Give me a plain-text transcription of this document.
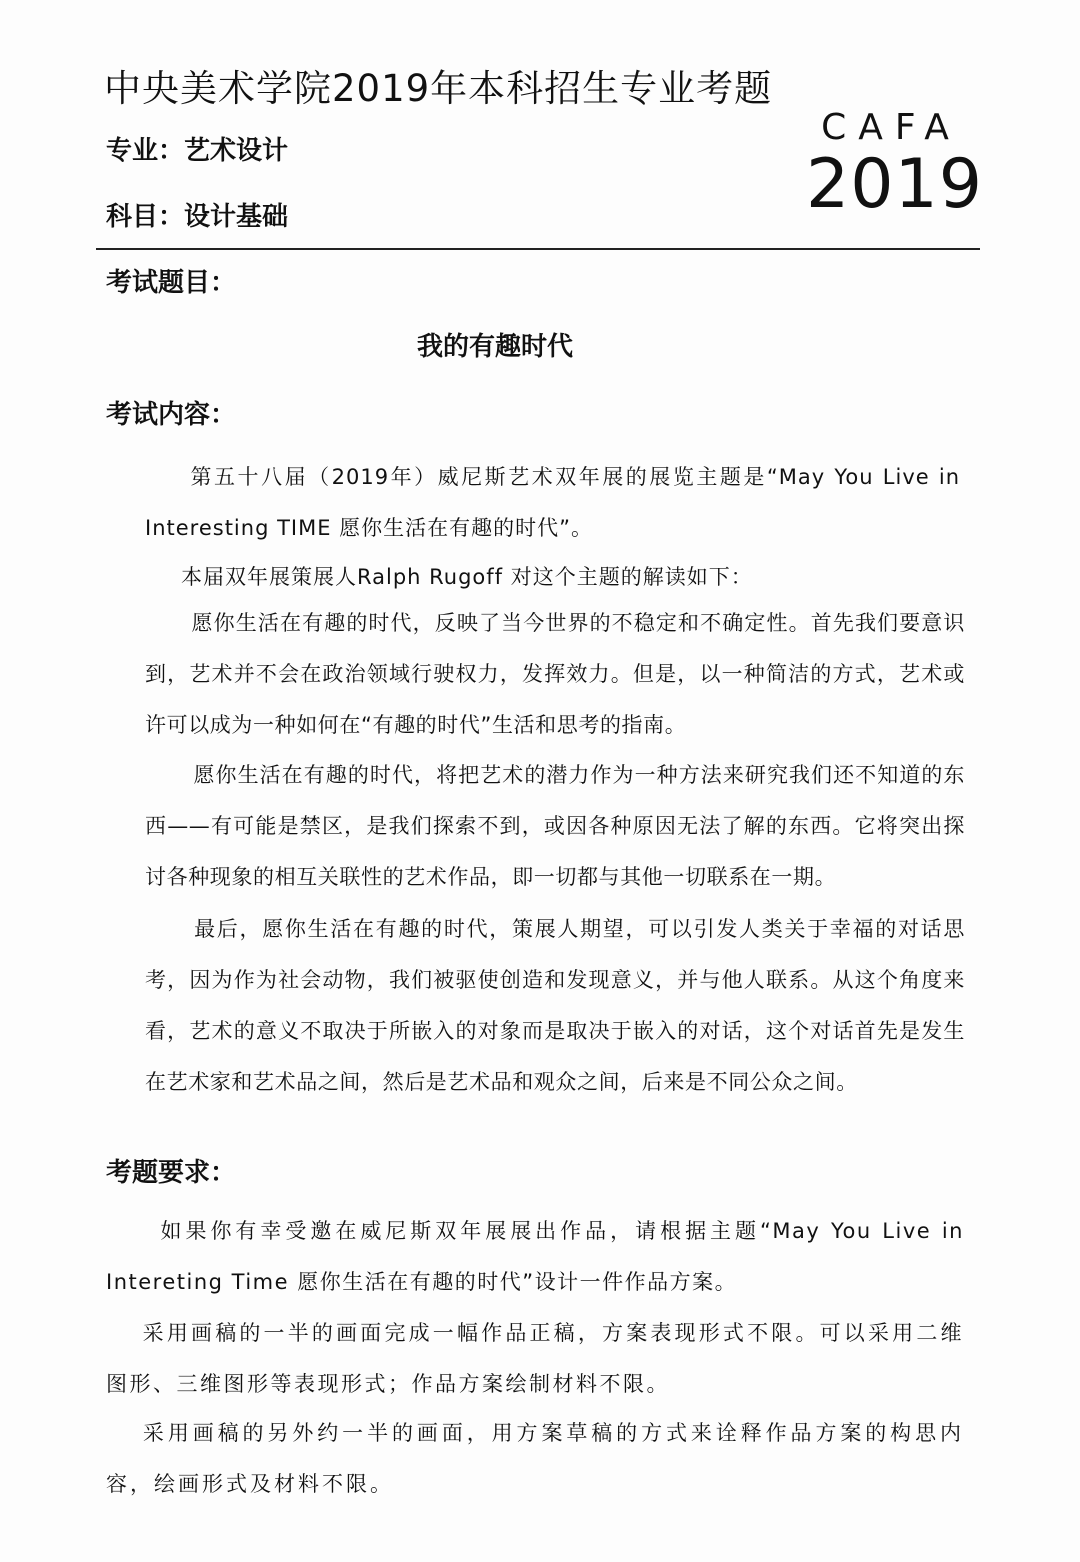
中央美术学院2019年本科招生专业考题
专业：艺术设计
科目：设计基础
CAFA
2019
考试题目：
我的有趣时代
考试内容：
第五十八届（2019年）威尼斯艺术双年展的展览主题是“May You Live in Interesting TIME 愿你生活在有趣的时代”。
本届双年展策展人Ralph Rugoff 对这个主题的解读如下：
愿你生活在有趣的时代，反映了当今世界的不稳定和不确定性。首先我们要意识到，艺术并不会在政治领域行驶权力，发挥效力。但是，以一种简洁的方式，艺术或许可以成为一种如何在“有趣的时代”生活和思考的指南。
愿你生活在有趣的时代，将把艺术的潜力作为一种方法来研究我们还不知道的东西——有可能是禁区，是我们探索不到，或因各种原因无法了解的东西。它将突出探讨各种现象的相互关联性的艺术作品，即一切都与其他一切联系在一期。
最后，愿你生活在有趣的时代，策展人期望，可以引发人类关于幸福的对话思考，因为作为社会动物，我们被驱使创造和发现意义，并与他人联系。从这个角度来看，艺术的意义不取决于所嵌入的对象而是取决于嵌入的对话，这个对话首先是发生在艺术家和艺术品之间，然后是艺术品和观众之间，后来是不同公众之间。
考题要求：
如果你有幸受邀在威尼斯双年展展出作品，请根据主题“May You Live in Intereting Time 愿你生活在有趣的时代”设计一件作品方案。
采用画稿的一半的画面完成一幅作品正稿，方案表现形式不限。可以采用二维图形、三维图形等表现形式；作品方案绘制材料不限。
采用画稿的另外约一半的画面，用方案草稿的方式来诠释作品方案的构思内容，绘画形式及材料不限。
